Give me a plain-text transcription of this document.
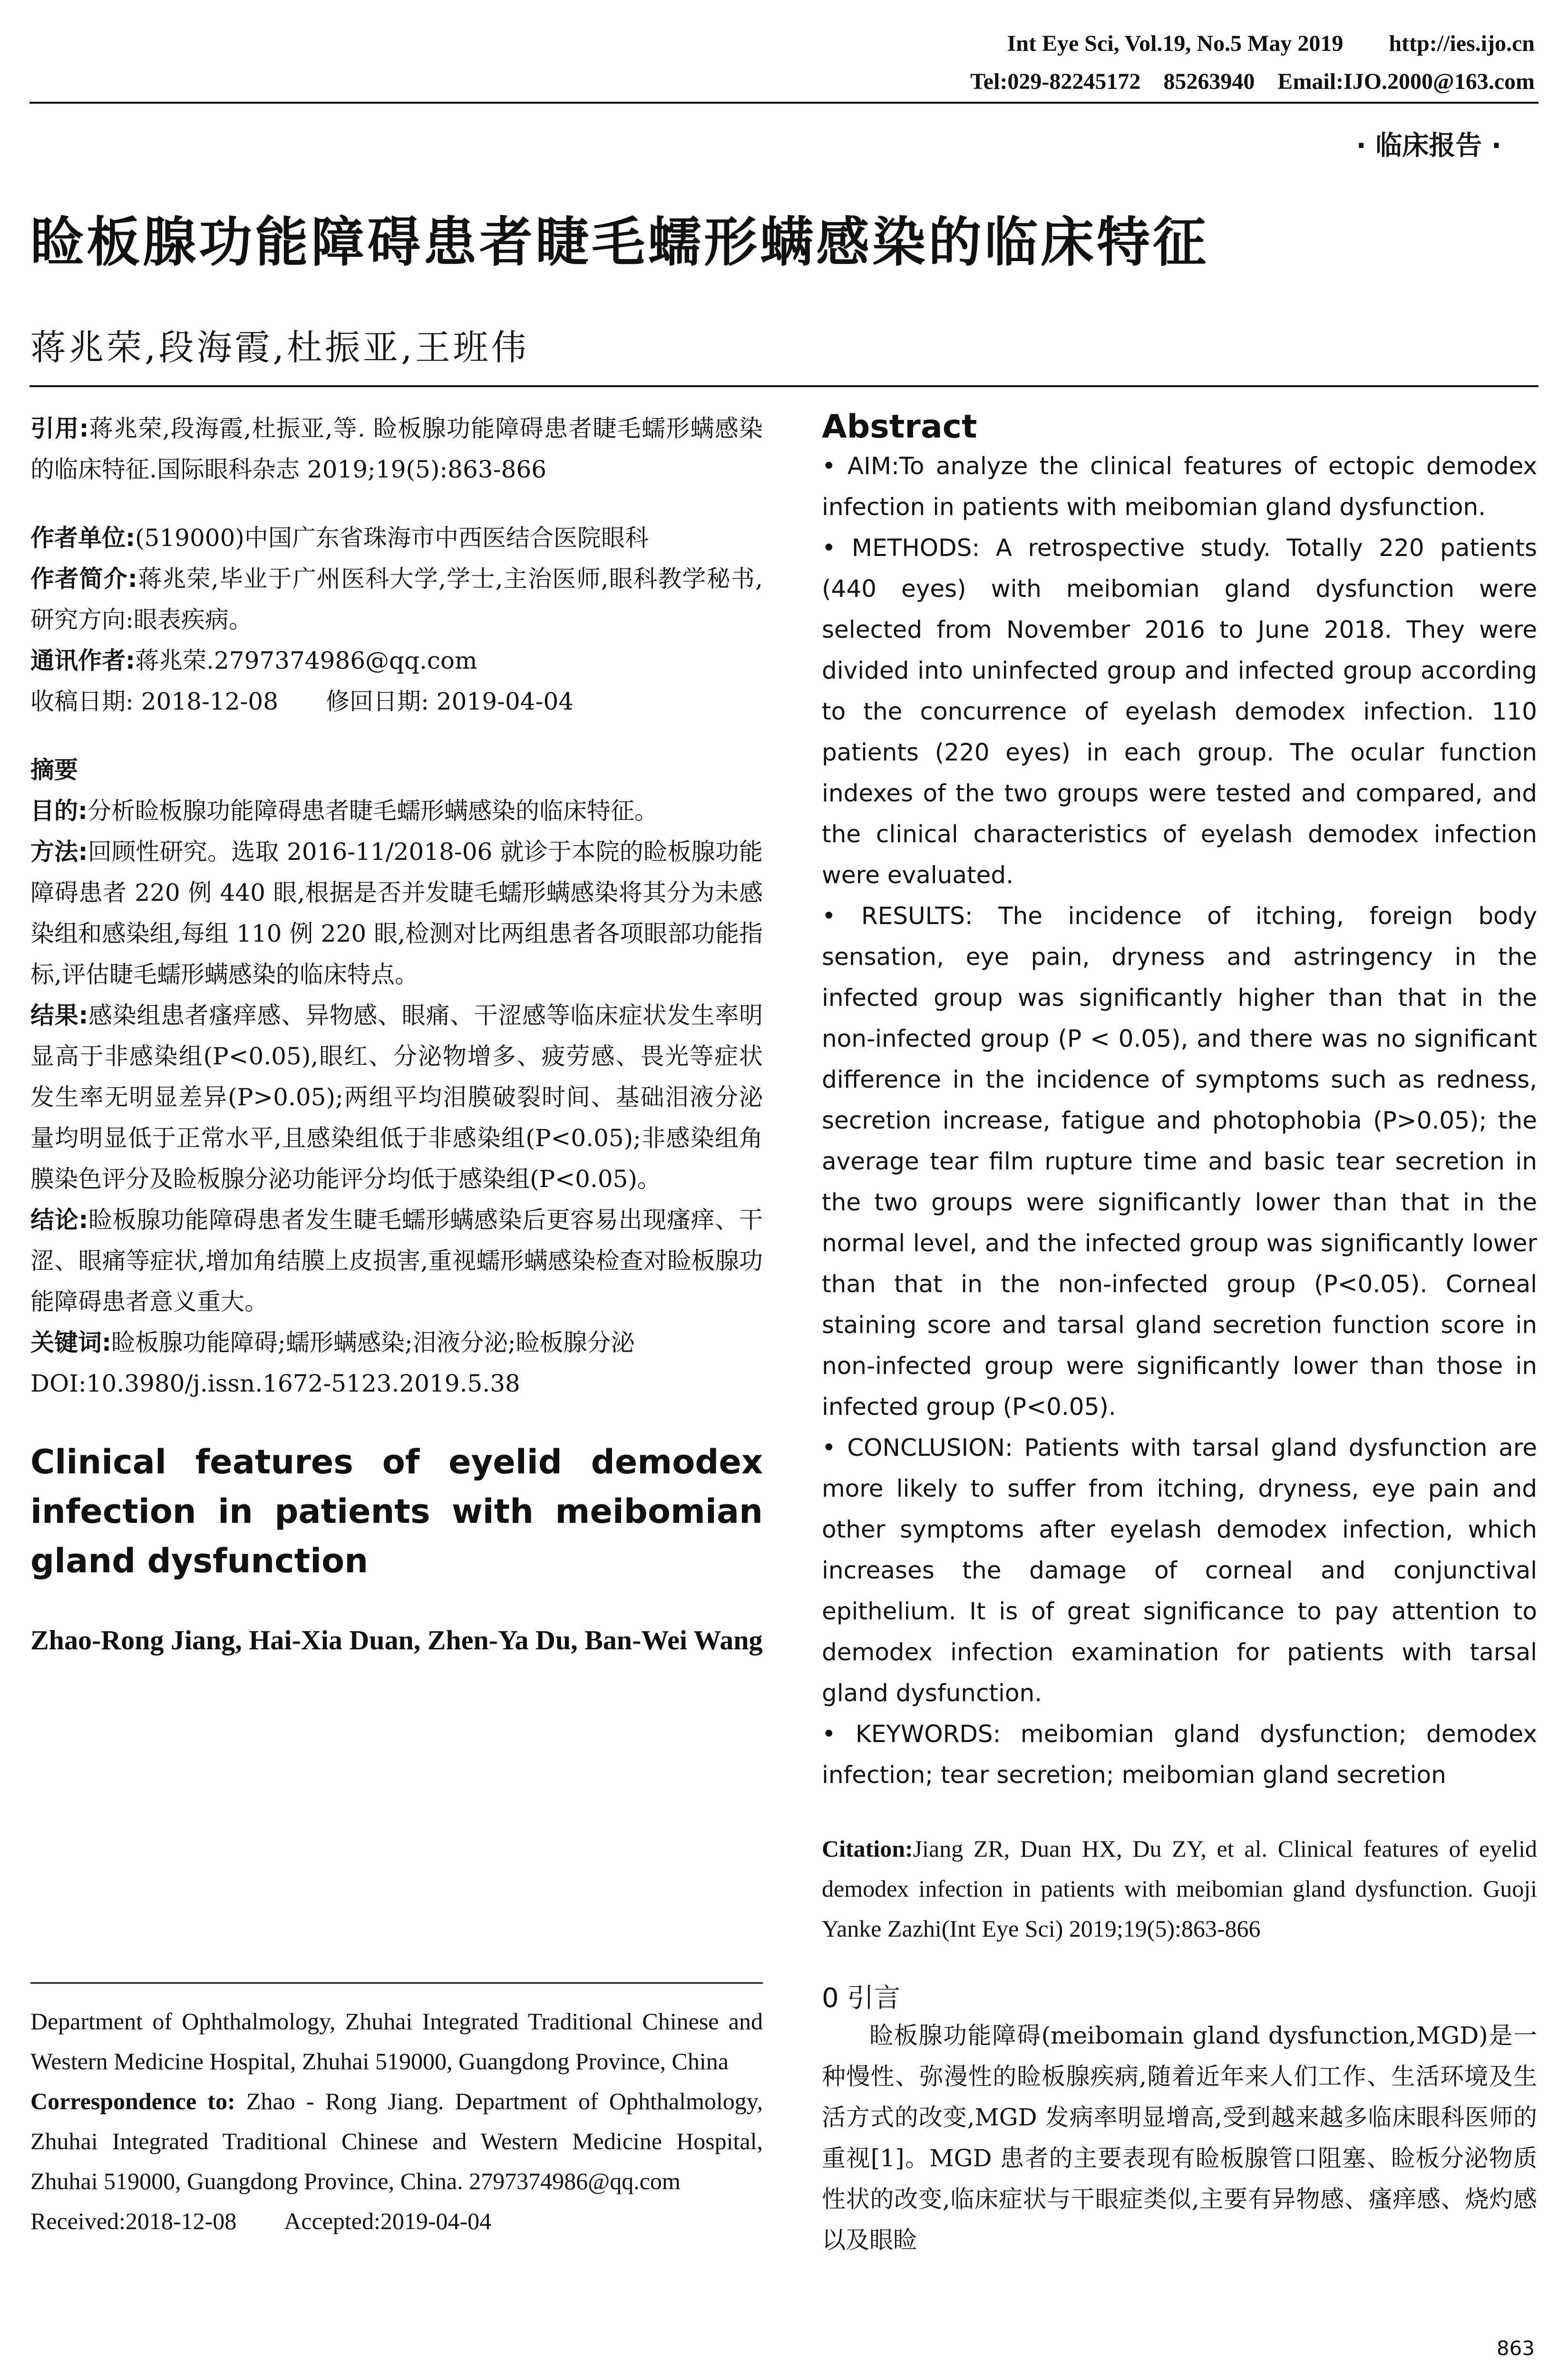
Int Eye Sci, Vol.19, No.5 May 2019　　http://ies.ijo.cn
Tel:029-82245172　85263940　Email:IJO.2000@163.com
· 临床报告 ·
睑板腺功能障碍患者睫毛蠕形螨感染的临床特征
蒋兆荣,段海霞,杜振亚,王班伟

引用:蒋兆荣,段海霞,杜振亚,等. 睑板腺功能障碍患者睫毛蠕形螨感染的临床特征.国际眼科杂志 2019;19(5):863-866

作者单位:(519000)中国广东省珠海市中西医结合医院眼科

作者简介:蒋兆荣,毕业于广州医科大学,学士,主治医师,眼科教学秘书,研究方向:眼表疾病。

通讯作者:蒋兆荣.2797374986@qq.com

收稿日期: 2018-12-08　　修回日期: 2019-04-04

摘要

目的:分析睑板腺功能障碍患者睫毛蠕形螨感染的临床特征。

方法:回顾性研究。选取 2016-11/2018-06 就诊于本院的睑板腺功能障碍患者 220 例 440 眼,根据是否并发睫毛蠕形螨感染将其分为未感染组和感染组,每组 110 例 220 眼,检测对比两组患者各项眼部功能指标,评估睫毛蠕形螨感染的临床特点。

结果:感染组患者瘙痒感、异物感、眼痛、干涩感等临床症状发生率明显高于非感染组(P<0.05),眼红、分泌物增多、疲劳感、畏光等症状发生率无明显差异(P>0.05);两组平均泪膜破裂时间、基础泪液分泌量均明显低于正常水平,且感染组低于非感染组(P<0.05);非感染组角膜染色评分及睑板腺分泌功能评分均低于感染组(P<0.05)。

结论:睑板腺功能障碍患者发生睫毛蠕形螨感染后更容易出现瘙痒、干涩、眼痛等症状,增加角结膜上皮损害,重视蠕形螨感染检查对睑板腺功能障碍患者意义重大。

关键词:睑板腺功能障碍;蠕形螨感染;泪液分泌;睑板腺分泌

DOI:10.3980/j.issn.1672-5123.2019.5.38

Clinical features of eyelid demodex infection in patients with meibomian gland dysfunction

Zhao-Rong Jiang, Hai-Xia Duan, Zhen-Ya Du, Ban-Wei Wang

Department of Ophthalmology, Zhuhai Integrated Traditional Chinese and Western Medicine Hospital, Zhuhai 519000, Guangdong Province, China

Correspondence to: Zhao - Rong Jiang. Department of Ophthalmology, Zhuhai Integrated Traditional Chinese and Western Medicine Hospital, Zhuhai 519000, Guangdong Province, China. 2797374986@qq.com

Received:2018-12-08　　Accepted:2019-04-04

Abstract

• AIM:To analyze the clinical features of ectopic demodex infection in patients with meibomian gland dysfunction.

• METHODS: A retrospective study. Totally 220 patients (440 eyes) with meibomian gland dysfunction were selected from November 2016 to June 2018. They were divided into uninfected group and infected group according to the concurrence of eyelash demodex infection. 110 patients (220 eyes) in each group. The ocular function indexes of the two groups were tested and compared, and the clinical characteristics of eyelash demodex infection were evaluated.

• RESULTS: The incidence of itching, foreign body sensation, eye pain, dryness and astringency in the infected group was significantly higher than that in the non-infected group (P < 0.05), and there was no significant difference in the incidence of symptoms such as redness, secretion increase, fatigue and photophobia (P>0.05); the average tear film rupture time and basic tear secretion in the two groups were significantly lower than that in the normal level, and the infected group was significantly lower than that in the non-infected group (P<0.05). Corneal staining score and tarsal gland secretion function score in non-infected group were significantly lower than those in infected group (P<0.05).

• CONCLUSION: Patients with tarsal gland dysfunction are more likely to suffer from itching, dryness, eye pain and other symptoms after eyelash demodex infection, which increases the damage of corneal and conjunctival epithelium. It is of great significance to pay attention to demodex infection examination for patients with tarsal gland dysfunction.

• KEYWORDS: meibomian gland dysfunction; demodex infection; tear secretion; meibomian gland secretion

Citation:Jiang ZR, Duan HX, Du ZY, et al. Clinical features of eyelid demodex infection in patients with meibomian gland dysfunction. Guoji Yanke Zazhi(Int Eye Sci) 2019;19(5):863-866

0 引言

睑板腺功能障碍(meibomain gland dysfunction,MGD)是一种慢性、弥漫性的睑板腺疾病,随着近年来人们工作、生活环境及生活方式的改变,MGD 发病率明显增高,受到越来越多临床眼科医师的重视[1]。MGD 患者的主要表现有睑板腺管口阻塞、睑板分泌物质性状的改变,临床症状与干眼症类似,主要有异物感、瘙痒感、烧灼感以及眼睑

863
